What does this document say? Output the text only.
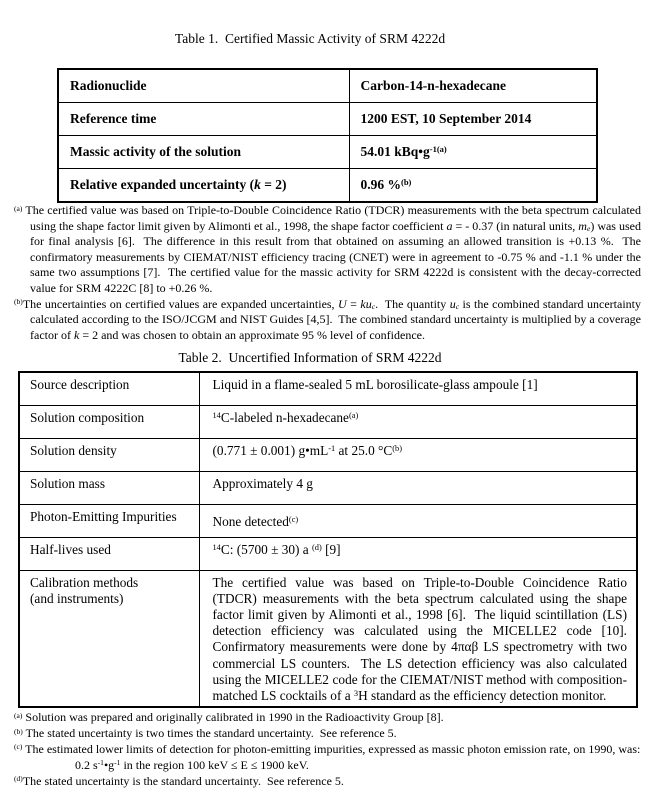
Table 1.  Certified Massic Activity of SRM 4222d
Radionuclide	Carbon-14-n-hexadecane
Reference time	1200 EST, 10 September 2014
Massic activity of the solution	54.01 $kBq•g^{-1(a)}$
Relative expanded uncertainty (k = 2)	0.96 %$^{(b)}$
$^{(a)}$ The certified value was based on Triple-to-Double Coincidence Ratio (TDCR) measurements with the beta spectrum calculated using the shape factor limit given by Alimonti et al., 1998, the shape factor coefficient a = - 0.37 (in natural units, $m_e$) was used for final analysis [6].  The difference in this result from that obtained on assuming an allowed transition is +0.13 %.  The confirmatory measurements by CIEMAT/NIST efficiency tracing (CNET) were in agreement to -0.75 % and -1.1 % under the same two assumptions [7].  The certified value for the massic activity for SRM 4222d is consistent with the decay-corrected value for SRM 4222C [8] to +0.26 %.
$^{(b)}$The uncertainties on certified values are expanded uncertainties, $U = ku_c$.  The quantity $u_c$ is the combined standard uncertainty calculated according to the ISO/JCGM and NIST Guides [4,5].  The combined standard uncertainty is multiplied by a coverage factor of k = 2 and was chosen to obtain an approximate 95 % level of confidence.
Table 2.  Uncertified Information of SRM 4222d
Source description	Liquid in a flame-sealed 5 mL borosilicate-glass ampoule [1]
Solution composition	$^{14}$C-labeled n-hexadecane$^{(a)}$
Solution density	(0.771 ± 0.001) $g•mL^{-1}$ at 25.0 $^\circ C^{(b)}$
Solution mass	Approximately 4 g
Photon-Emitting Impurities	None detected$^{(c)}$
Half-lives used	$^{14}$C: (5700 ± 30) a $^{(d)}$ [9]

Calibration methods
(and instruments)	The certified value was based on Triple-to-Double Coincidence Ratio (TDCR) measurements with the beta spectrum calculated using the shape factor limit given by Alimonti et al., 1998 [6].  The liquid scintillation (LS) detection efficiency was calculated using the MICELLE2 code [10].  Confirmatory measurements were done by 4παβ LS spectrometry with two commercial LS counters.  The LS detection efficiency was also calculated using the MICELLE2 code for the CIEMAT/NIST method with composition-matched LS cocktails of a $^3$H standard as the efficiency detection monitor.
$^{(a)}$ Solution was prepared and originally calibrated in 1990 in the Radioactivity Group [8].
$^{(b)}$ The stated uncertainty is two times the standard uncertainty.  See reference 5.
$^{(c)}$ The estimated lower limits of detection for photon-emitting impurities, expressed as massic photon emission rate, on 1990, was:
0.2 $s^{-1}•g^{-1}$ in the region 100 keV ≤ E ≤ 1900 keV.
$^{(d)}$The stated uncertainty is the standard uncertainty.  See reference 5.
